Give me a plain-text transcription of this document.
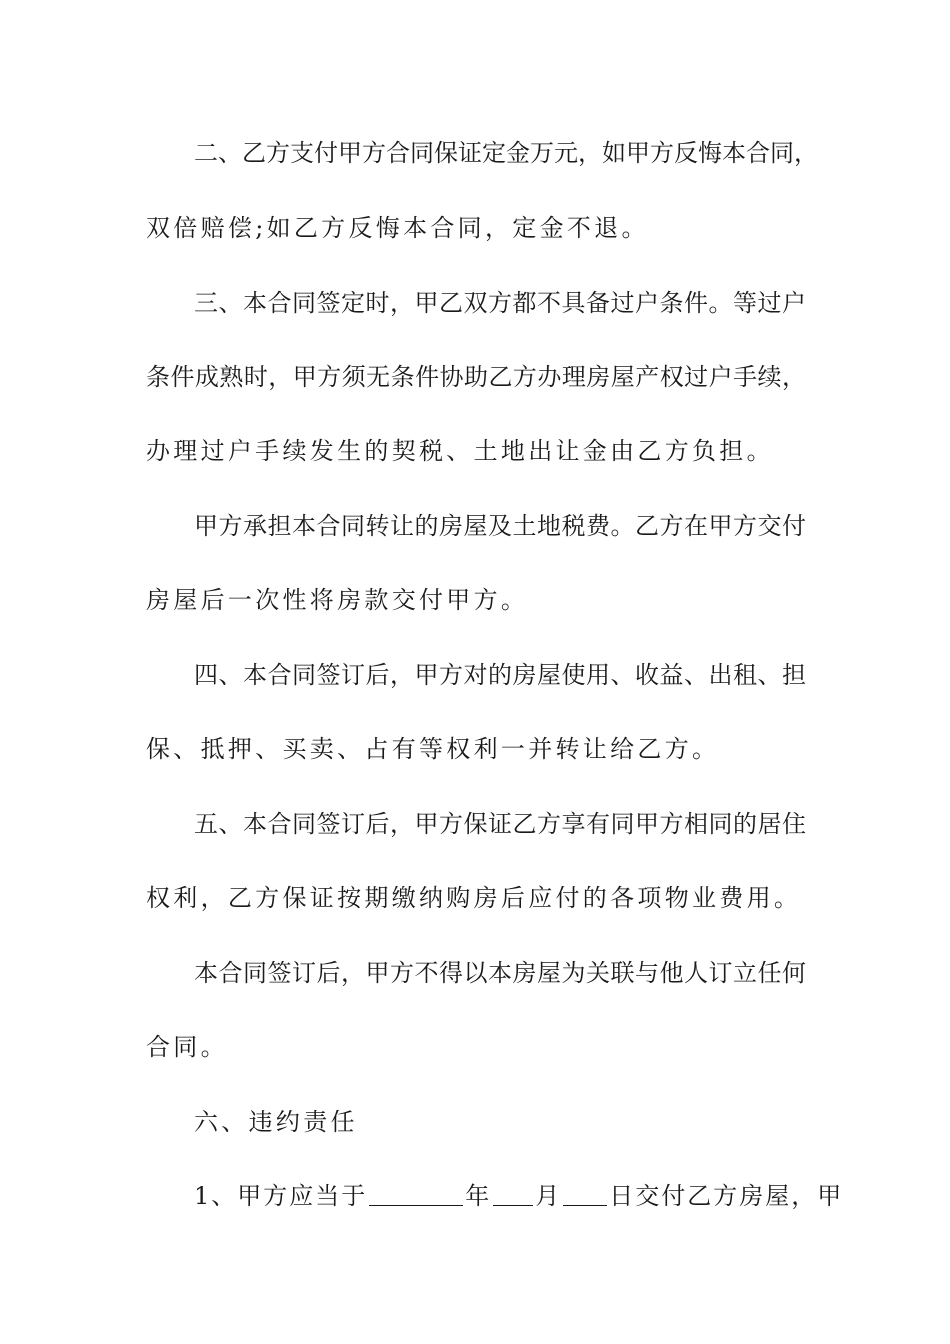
二、乙方支付甲方合同保证定金万元，如甲方反悔本合同，
双倍赔偿;如乙方反悔本合同，定金不退。
三、本合同签定时，甲乙双方都不具备过户条件。等过户
条件成熟时，甲方须无条件协助乙方办理房屋产权过户手续，
办理过户手续发生的契税、土地出让金由乙方负担。
甲方承担本合同转让的房屋及土地税费。乙方在甲方交付
房屋后一次性将房款交付甲方。
四、本合同签订后，甲方对的房屋使用、收益、出租、担
保、抵押、买卖、占有等权利一并转让给乙方。
五、本合同签订后，甲方保证乙方享有同甲方相同的居住
权利，乙方保证按期缴纳购房后应付的各项物业费用。
本合同签订后，甲方不得以本房屋为关联与他人订立任何
合同。
六、违约责任
1、甲方应当于	年 月 日交付乙方房屋，甲
